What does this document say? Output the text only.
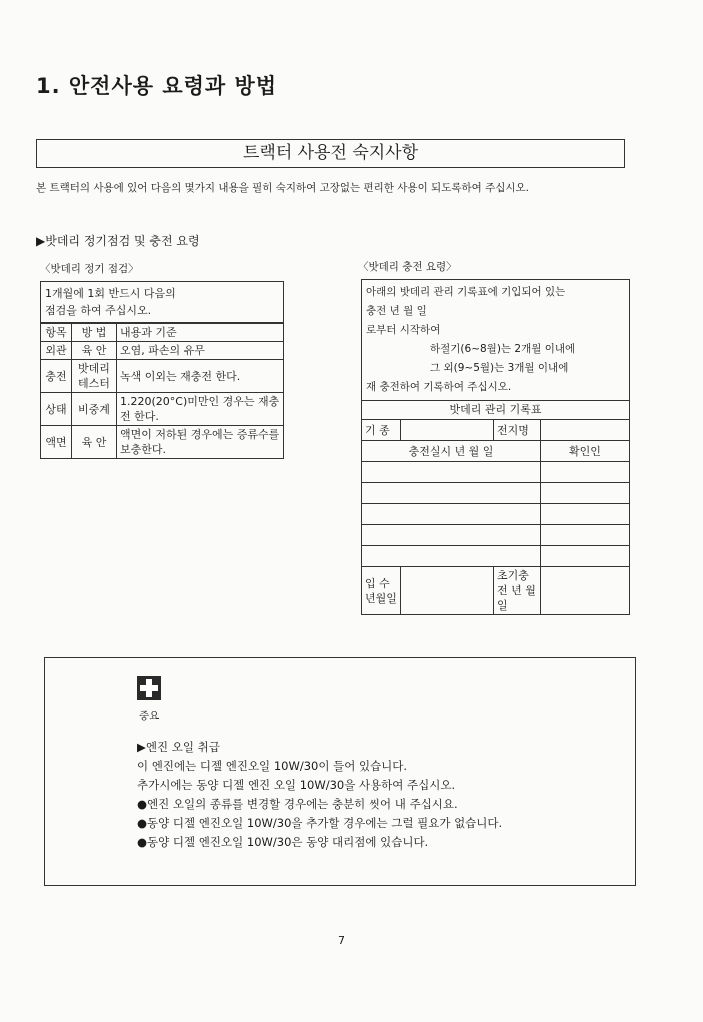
1. 안전사용 요령과 방법
트랙터 사용전 숙지사항
본 트랙터의 사용에 있어 다음의 몇가지 내용을 필히 숙지하여 고장없는 편리한 사용이 되도록하여 주십시오.
▶밧데리 정기점검 및 충전 요령
〈밧데리 정기 점검〉	〈밧데리 충전 요령〉
1개월에 1회 반드시 다음의
점검을 하여 주십시오.
항목	방 법	내용과 기준
외관	육 안	오염, 파손의 유무
충전	밧데리 테스터	녹색 이외는 재충전 한다.
상태	비중계	1.220(20°C)미만인 경우는 재충전 한다.
액면	육 안	액면이 저하된 경우에는 증류수를 보충한다.
아래의 밧데리 관리 기록표에 기입되어 있는
충전 년 월 일
로부터 시작하여
하절기(6~8월)는 2개월 이내에
그 외(9~5월)는 3개월 이내에
재 충전하여 기록하여 주십시오.
밧데리 관리 기록표
기 종		전지명	
충전실시 년 월 일			확인인

입 수 년월일		초기충전 년 월 일	
중요
▶엔진 오일 취급
이 엔진에는 디젤 엔진오일 10W/30이 들어 있습니다.
추가시에는 동양 디젤 엔진 오일 10W/30을 사용하여 주십시오.
●엔진 오일의 종류를 변경할 경우에는 충분히 씻어 내 주십시요.
●동양 디젤 엔진오일 10W/30을 추가할 경우에는 그럴 필요가 없습니다.
●동양 디젤 엔진오일 10W/30은 동양 대리점에 있습니다.
7
